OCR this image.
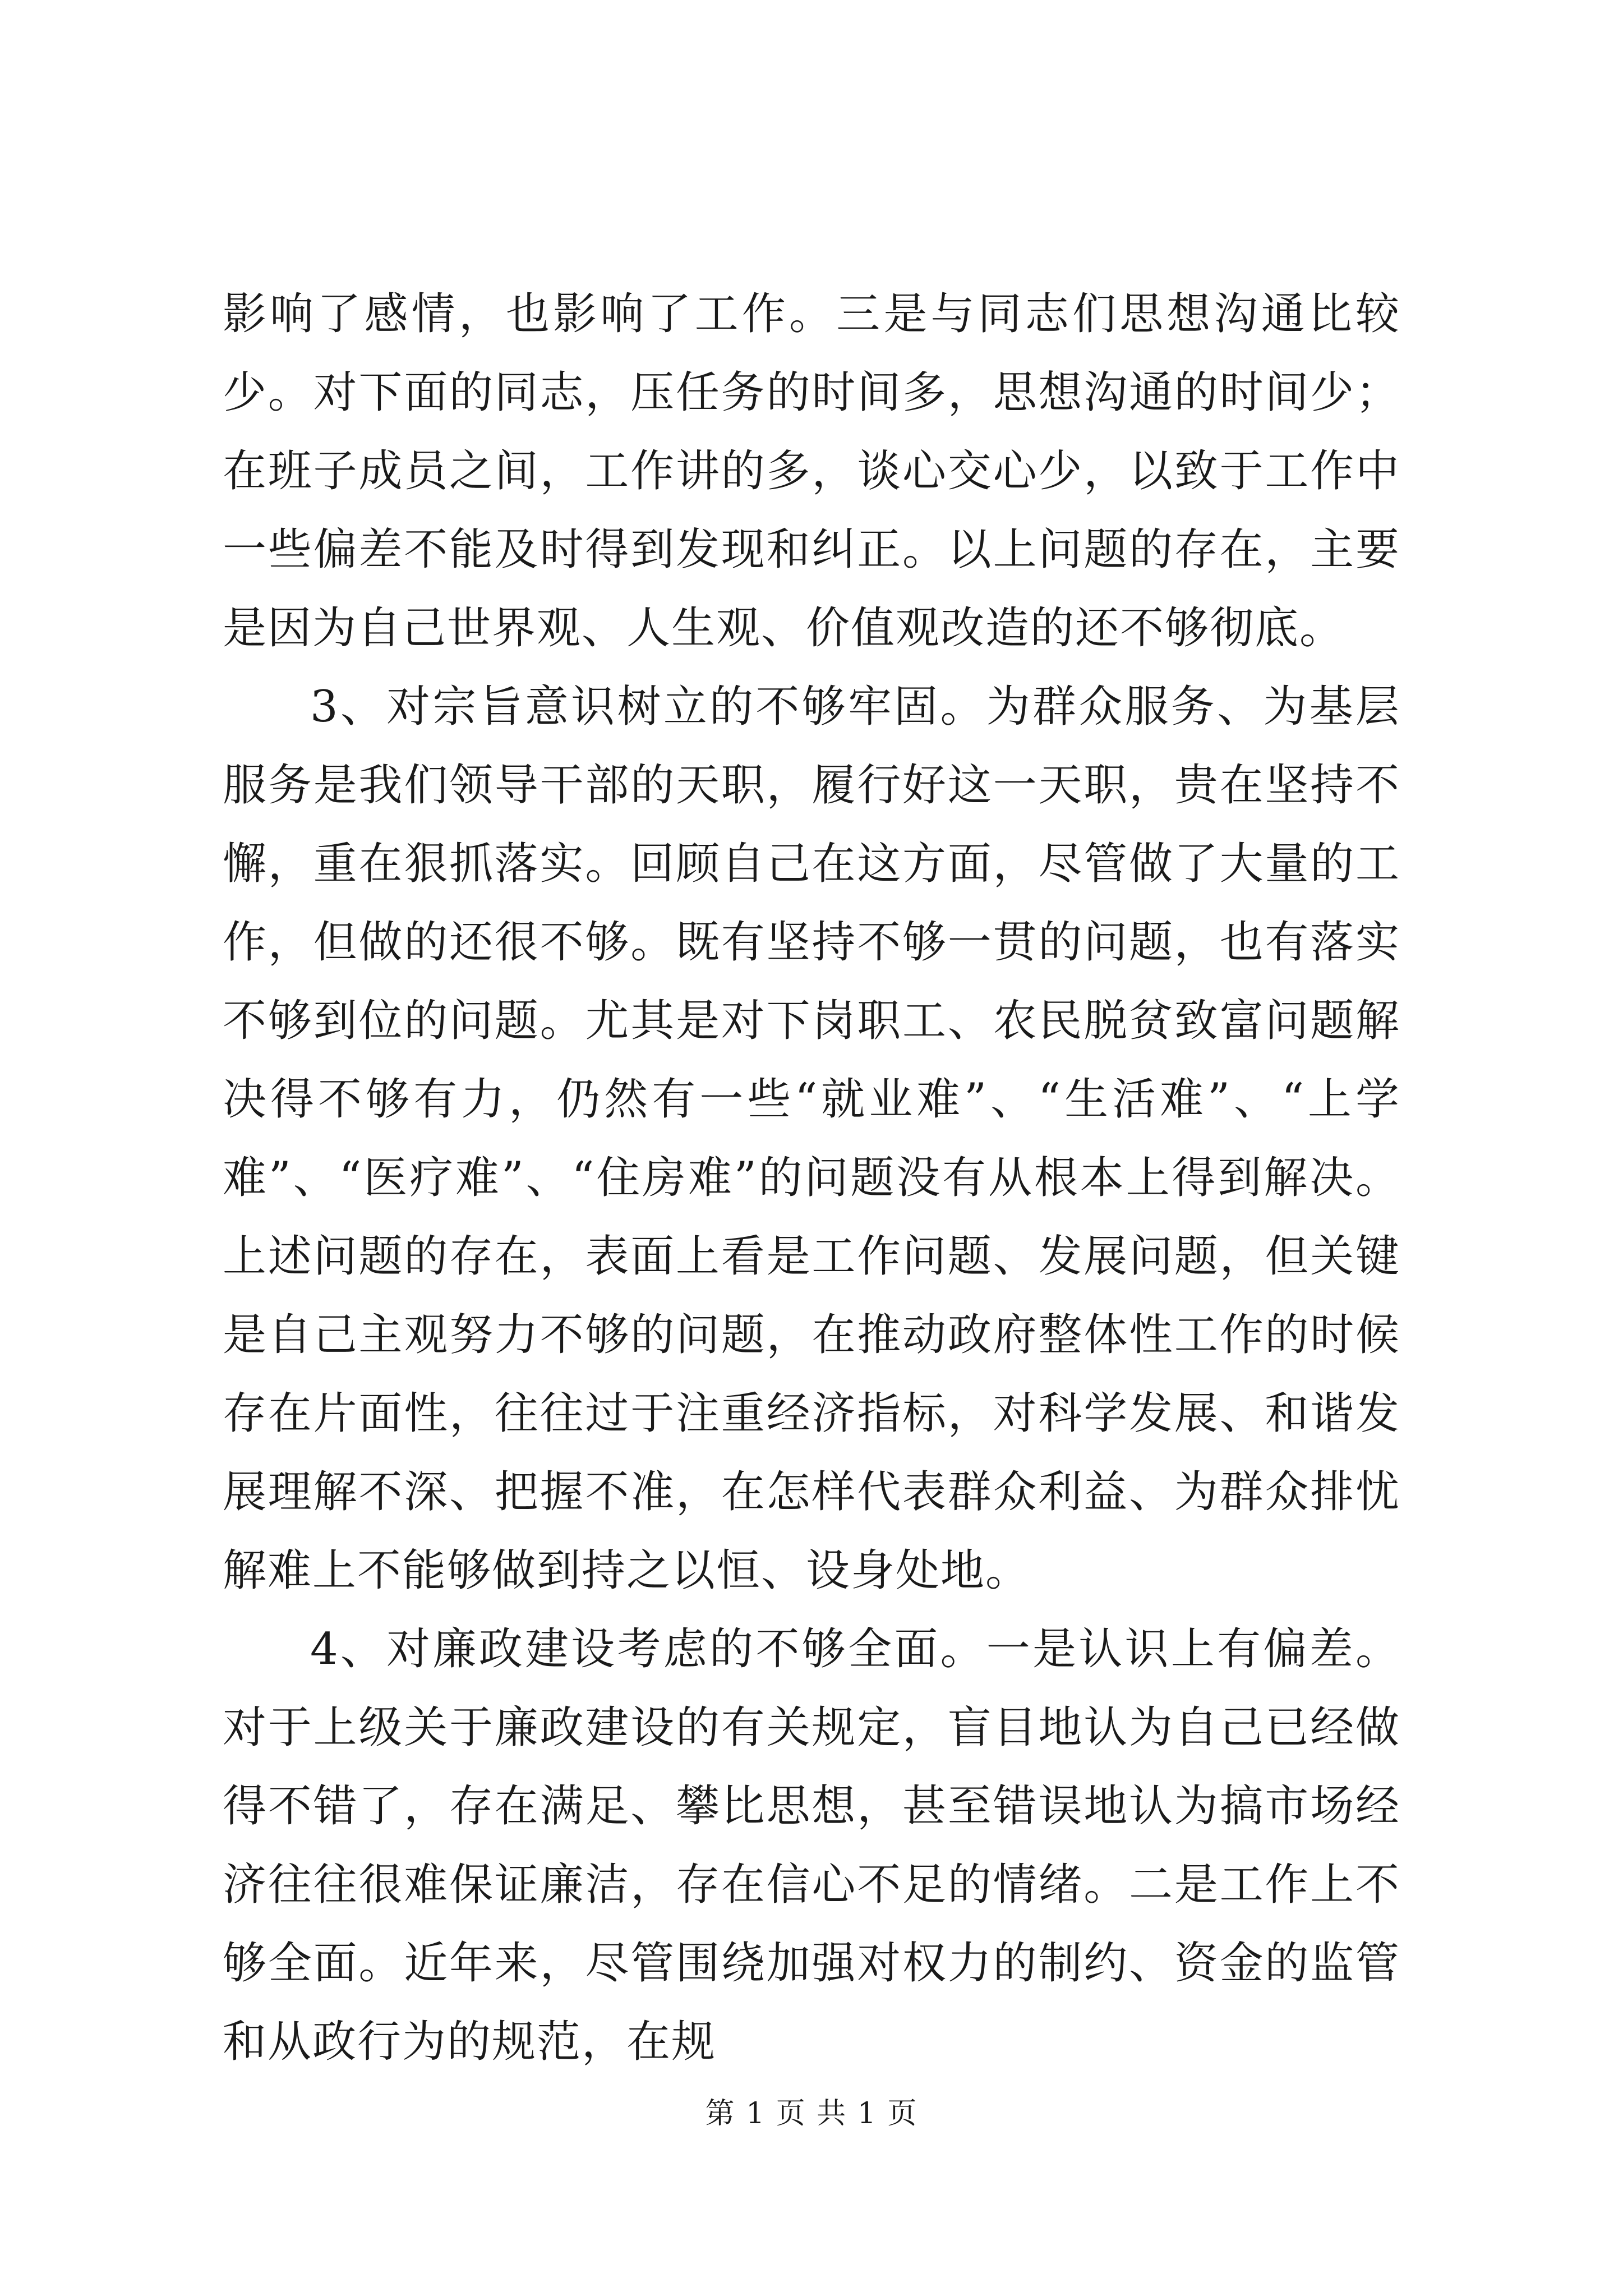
影响了感情，也影响了工作。三是与同志们思想沟通比较少。对下面的同志，压任务的时间多，思想沟通的时间少；在班子成员之间，工作讲的多，谈心交心少，以致于工作中一些偏差不能及时得到发现和纠正。以上问题的存在，主要是因为自己世界观、人生观、价值观改造的还不够彻底。

3、对宗旨意识树立的不够牢固。为群众服务、为基层服务是我们领导干部的天职，履行好这一天职，贵在坚持不懈，重在狠抓落实。回顾自己在这方面，尽管做了大量的工作，但做的还很不够。既有坚持不够一贯的问题，也有落实不够到位的问题。尤其是对下岗职工、农民脱贫致富问题解决得不够有力，仍然有一些“就业难”、“生活难”、“上学难”、“医疗难”、“住房难”的问题没有从根本上得到解决。上述问题的存在，表面上看是工作问题、发展问题，但关键是自己主观努力不够的问题，在推动政府整体性工作的时候存在片面性，往往过于注重经济指标，对科学发展、和谐发展理解不深、把握不准，在怎样代表群众利益、为群众排忧解难上不能够做到持之以恒、设身处地。

4、对廉政建设考虑的不够全面。一是认识上有偏差。对于上级关于廉政建设的有关规定，盲目地认为自己已经做得不错了，存在满足、攀比思想，甚至错误地认为搞市场经济往往很难保证廉洁，存在信心不足的情绪。二是工作上不够全面。近年来，尽管围绕加强对权力的制约、资金的监管和从政行为的规范，在规

第 1 页 共 1 页
